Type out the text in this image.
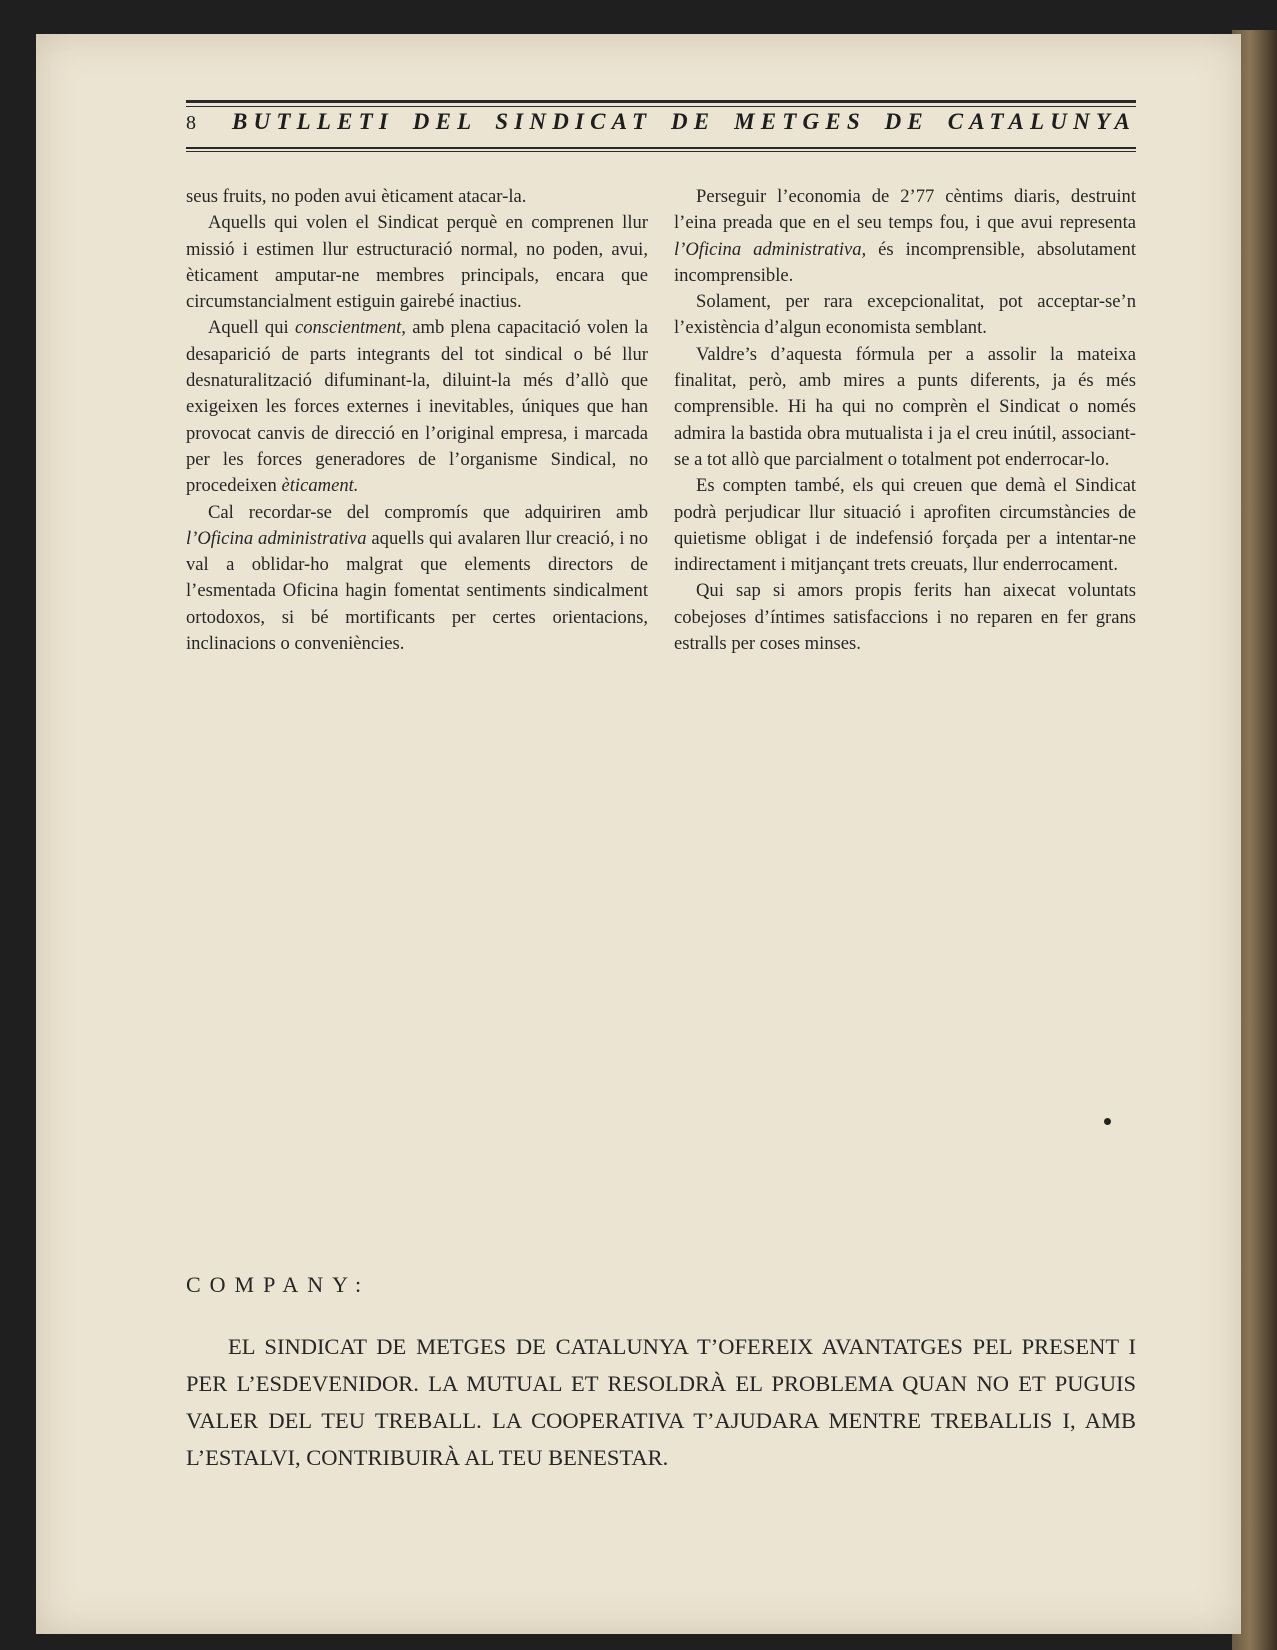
8	BUTLLETI DEL SINDICAT DE METGES DE CATALUNYA

seus fruits, no poden avui èticament atacar-la.

Aquells qui volen el Sindicat perquè en comprenen llur missió i estimen llur estructuració normal, no poden, avui, èticament amputar-ne membres principals, encara que circumstancialment estiguin gairebé inactius.

Aquell qui conscientment, amb plena capacitació volen la desaparició de parts integrants del tot sindical o bé llur desnaturalització difuminant-la, diluint-la més d’allò que exigeixen les forces externes i inevitables, úniques que han provocat canvis de direcció en l’original empresa, i marcada per les forces generadores de l’organisme Sindical, no procedeixen èticament.

Cal recordar-se del compromís que adquiriren amb l’Oficina administrativa aquells qui avalaren llur creació, i no val a oblidar-ho malgrat que elements directors de l’esmentada Oficina hagin fomentat sentiments sindicalment ortodoxos, si bé mortificants per certes orientacions, inclinacions o conveniències.

Perseguir l’economia de 2’77 cèntims diaris, destruint l’eina preada que en el seu temps fou, i que avui representa l’Oficina administrativa, és incomprensible, absolutament incomprensible.

Solament, per rara excepcionalitat, pot acceptar-se’n l’existència d’algun economista semblant.

Valdre’s d’aquesta fórmula per a assolir la mateixa finalitat, però, amb mires a punts diferents, ja és més comprensible. Hi ha qui no comprèn el Sindicat o només admira la bastida obra mutualista i ja el creu inútil, associant-se a tot allò que parcialment o totalment pot enderrocar-lo.

Es compten també, els qui creuen que demà el Sindicat podrà perjudicar llur situació i aprofiten circumstàncies de quietisme obligat i de indefensió forçada per a intentar-ne indirectament i mitjançant trets creuats, llur enderrocament.

Qui sap si amors propis ferits han aixecat voluntats cobejoses d’íntimes satisfaccions i no reparen en fer grans estralls per coses minses.

COMPANY:
EL SINDICAT DE METGES DE CATALUNYA T’OFEREIX AVANTATGES PEL PRESENT I PER L’ESDEVENIDOR. LA MUTUAL ET RESOLDRÀ EL PROBLEMA QUAN NO ET PUGUIS VALER DEL TEU TREBALL. LA COOPERATIVA T’AJUDARA MENTRE TREBALLIS I, AMB L’ESTALVI, CONTRIBUIRÀ AL TEU BENESTAR.
